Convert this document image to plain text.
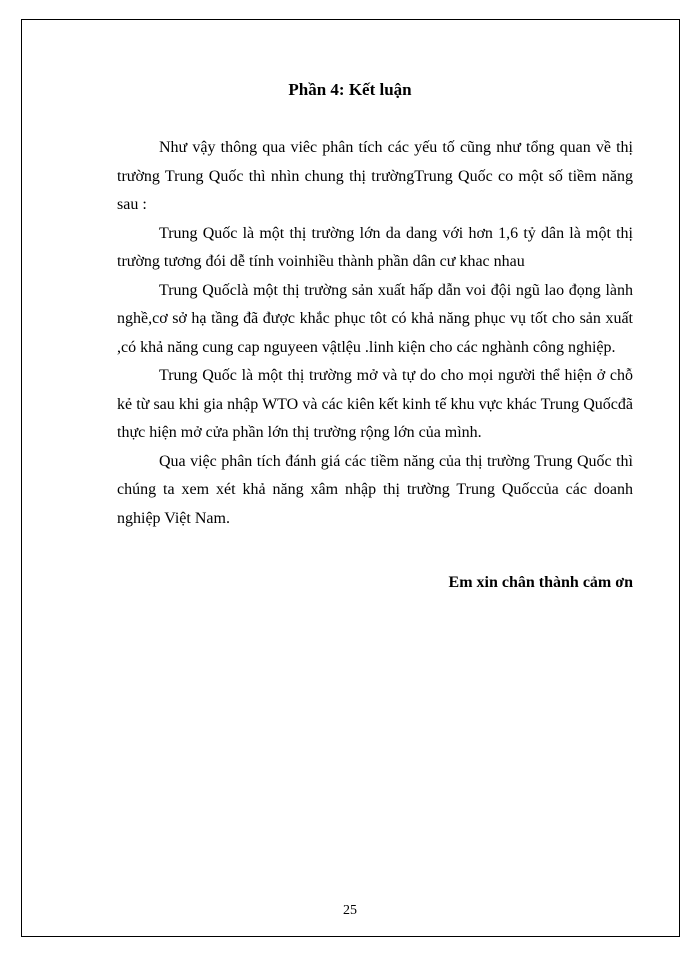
Phần 4: Kết luận

Như vậy thông qua viêc phân tích các yếu tố cũng như tổng quan về thị trường Trung Quốc thì nhìn chung thị trườngTrung Quốc co một số tiềm năng sau :

Trung Quốc là một thị trường lớn da dang với hơn 1,6 tỷ dân là một thị trường tương đói dễ tính voinhiều thành phần dân cư khac nhau

Trung Quốclà một thị trường sản xuất hấp dẫn voi đội ngũ lao đọng lành nghề,cơ sở hạ tầng đã được khắc phục tôt có khả năng phục vụ tốt cho sản xuất ,có khả năng cung cap nguyeen vậtlệu .linh kiện cho các nghành công nghiệp.

Trung Quốc là một thị trường mở và tự do cho mọi người thể hiện ở chỗ kẻ từ sau khi gia nhập WTO và các kiên kết kinh tế khu vực khác Trung Quốcđã thực hiện mở cửa phần lớn thị trường rộng lớn của mình.

Qua việc phân tích đánh giá các tiềm năng của thị trường Trung Quốc thì chúng ta xem xét khả năng xâm nhập thị trường Trung Quốccủa các doanh nghiệp Việt Nam.

Em xin chân thành cảm ơn
25
